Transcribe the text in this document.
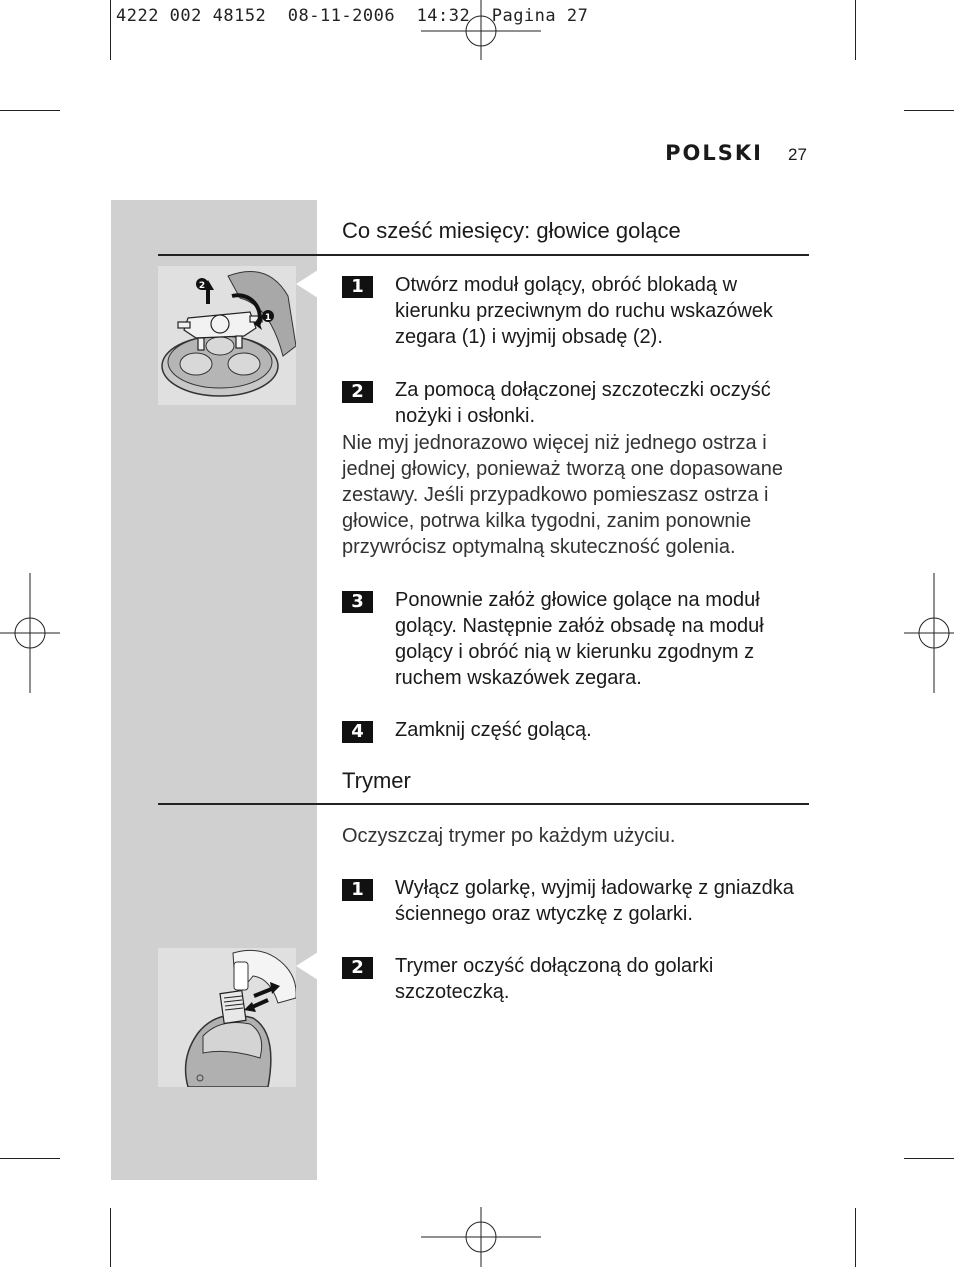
4222 002 48152  08-11-2006  14:32  Pagina 27
POLSKI 27
Co sześć miesięcy: głowice golące
2
1
1	Otwórz moduł golący, obróć blokadą w kierunku przeciwnym do ruchu wskazówek zegara (1) i wyjmij obsadę (2).
2	Za pomocą dołączonej szczoteczki oczyść nożyki i osłonki.
Nie myj jednorazowo więcej niż jednego ostrza i jednej głowicy, ponieważ tworzą one dopasowane zestawy. Jeśli przypadkowo pomieszasz ostrza i głowice, potrwa kilka tygodni, zanim ponownie przywrócisz optymalną skuteczność golenia.
3	Ponownie załóż głowice golące na moduł golący. Następnie załóż obsadę na moduł golący i obróć nią w kierunku zgodnym z ruchem wskazówek zegara.
4	Zamknij część golącą.
Trymer
Oczyszczaj trymer po każdym użyciu.
1	Wyłącz golarkę, wyjmij ładowarkę z gniazdka ściennego oraz wtyczkę z golarki.
2	Trymer oczyść dołączoną do golarki szczoteczką.
